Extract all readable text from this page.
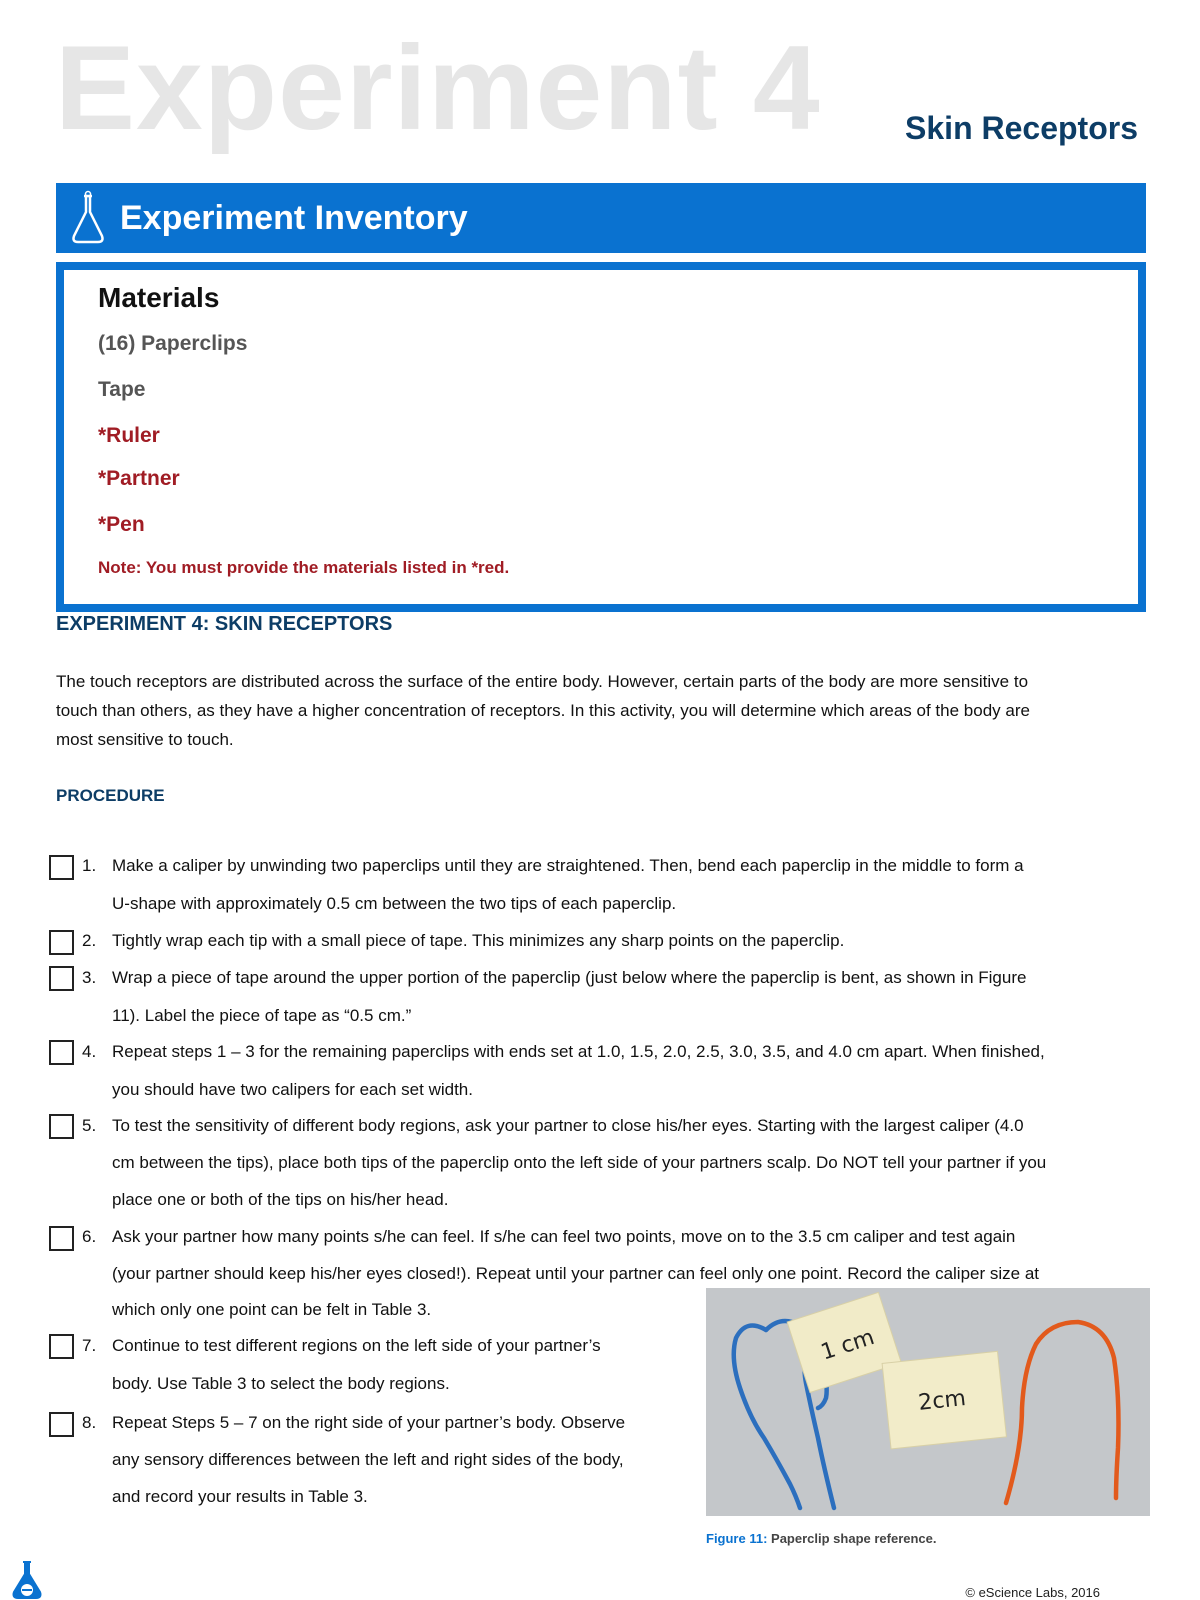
Experiment 4	Skin Receptors
Experiment Inventory
Materials
(16) Paperclips
Tape
*Ruler
*Partner
*Pen
Note: You must provide the materials listed in *red.
EXPERIMENT 4: SKIN RECEPTORS
The touch receptors are distributed across the surface of the entire body. However, certain parts of the body are more sensitive to
touch than others, as they have a higher concentration of receptors. In this activity, you will determine which areas of the body are
most sensitive to touch.
PROCEDURE
1. Make a caliper by unwinding two paperclips until they are straightened. Then, bend each paperclip in the middle to form a
U-shape with approximately 0.5 cm between the two tips of each paperclip.
2. Tightly wrap each tip with a small piece of tape. This minimizes any sharp points on the paperclip.
3. Wrap a piece of tape around the upper portion of the paperclip (just below where the paperclip is bent, as shown in Figure
11). Label the piece of tape as “0.5 cm.”
4. Repeat steps 1 – 3 for the remaining paperclips with ends set at 1.0, 1.5, 2.0, 2.5, 3.0, 3.5, and 4.0 cm apart. When finished,
you should have two calipers for each set width.
5. To test the sensitivity of different body regions, ask your partner to close his/her eyes. Starting with the largest caliper (4.0
cm between the tips), place both tips of the paperclip onto the left side of your partners scalp. Do NOT tell your partner if you
place one or both of the tips on his/her head.
6. Ask your partner how many points s/he can feel. If s/he can feel two points, move on to the 3.5 cm caliper and test again
(your partner should keep his/her eyes closed!). Repeat until your partner can feel only one point. Record the caliper size at
which only one point can be felt in Table 3.
7. Continue to test different regions on the left side of your partner’s
body. Use Table 3 to select the body regions.
8. Repeat Steps 5 – 7 on the right side of your partner’s body. Observe
any sensory differences between the left and right sides of the body,
and record your results in Table 3.
1 cm
2cm
Figure 11: Paperclip shape reference.
© eScience Labs, 2016
